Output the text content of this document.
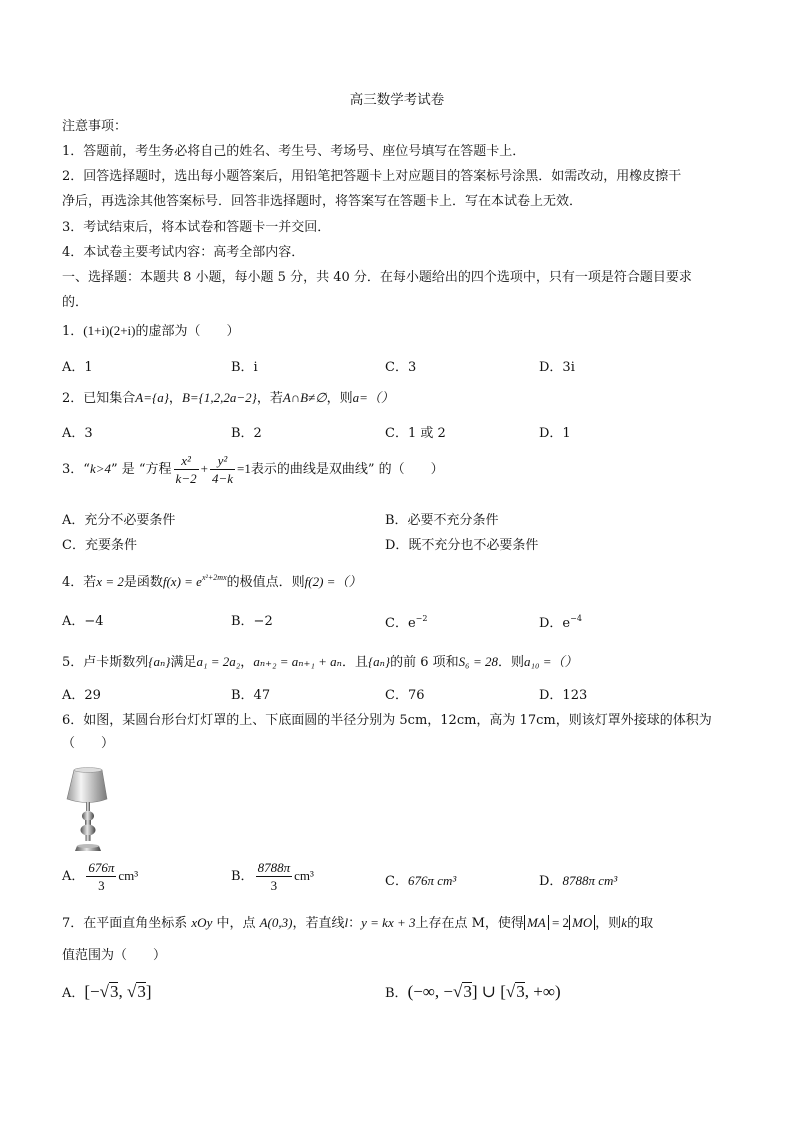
高三数学考试卷
注意事项：
1．答题前，考生务必将自己的姓名、考生号、考场号、座位号填写在答题卡上．
2．回答选择题时，选出每小题答案后，用铅笔把答题卡上对应题目的答案标号涂黑．如需改动，用橡皮擦干
净后，再选涂其他答案标号．回答非选择题时，将答案写在答题卡上．写在本试卷上无效．
3．考试结束后，将本试卷和答题卡一并交回．
4．本试卷主要考试内容：高考全部内容．
一、选择题：本题共 8 小题，每小题 5 分，共 40 分．在每小题给出的四个选项中，只有一项是符合题目要求
的．
1．(1+i)(2+i)的虚部为（　　）
A．1	B．i	C．3	D．3i
2．已知集合A={a}，B={1,2,2a−2}，若A∩B≠∅，则a=（）
A．3	B．2	C．1 或 2	D．1
3．“k>4” 是 “方程 $\frac{\text{x²}}{k-2} + \frac{\text{y²}}{4-k} =1$表示的曲线是双曲线” 的（　　）
A．充分不必要条件	B．必要不充分条件
C．充要条件	D．既不充分也不必要条件
4．若x = 2是函数$f(x) = e^{x^2+2mx}$的极值点．则f(2) =（）
A．−4	B．−2	C．$e^{-2}$	D．$e^{-4}$
5．卢卡斯数列{aₙ}满足a₁ = 2a₂，aₙ₊₂ = aₙ₊₁ + aₙ．且{aₙ}的前 6 项和S₆ = 28．则a₁₀ =（）
A．29	B．47	C．76	D．123
6．如图，某圆台形台灯灯罩的上、下底面圆的半径分别为 5cm，12cm，高为 17cm，则该灯罩外接球的体积为
（　　）
A． $\frac{676\pi}{3} cm^3$	B． $\frac{8788\pi}{3} cm^3$	C．676π cm³	D．8788π cm³
7．在平面直角坐标系 xOy 中，点 A(0,3)，若直线l：y = kx + 3上存在点 M，使得 MA = 2 MO ，则k的取
值范围为（　　）
A．[−√3, √3]	B．(−∞, −√3] ∪ [√3, +∞)
